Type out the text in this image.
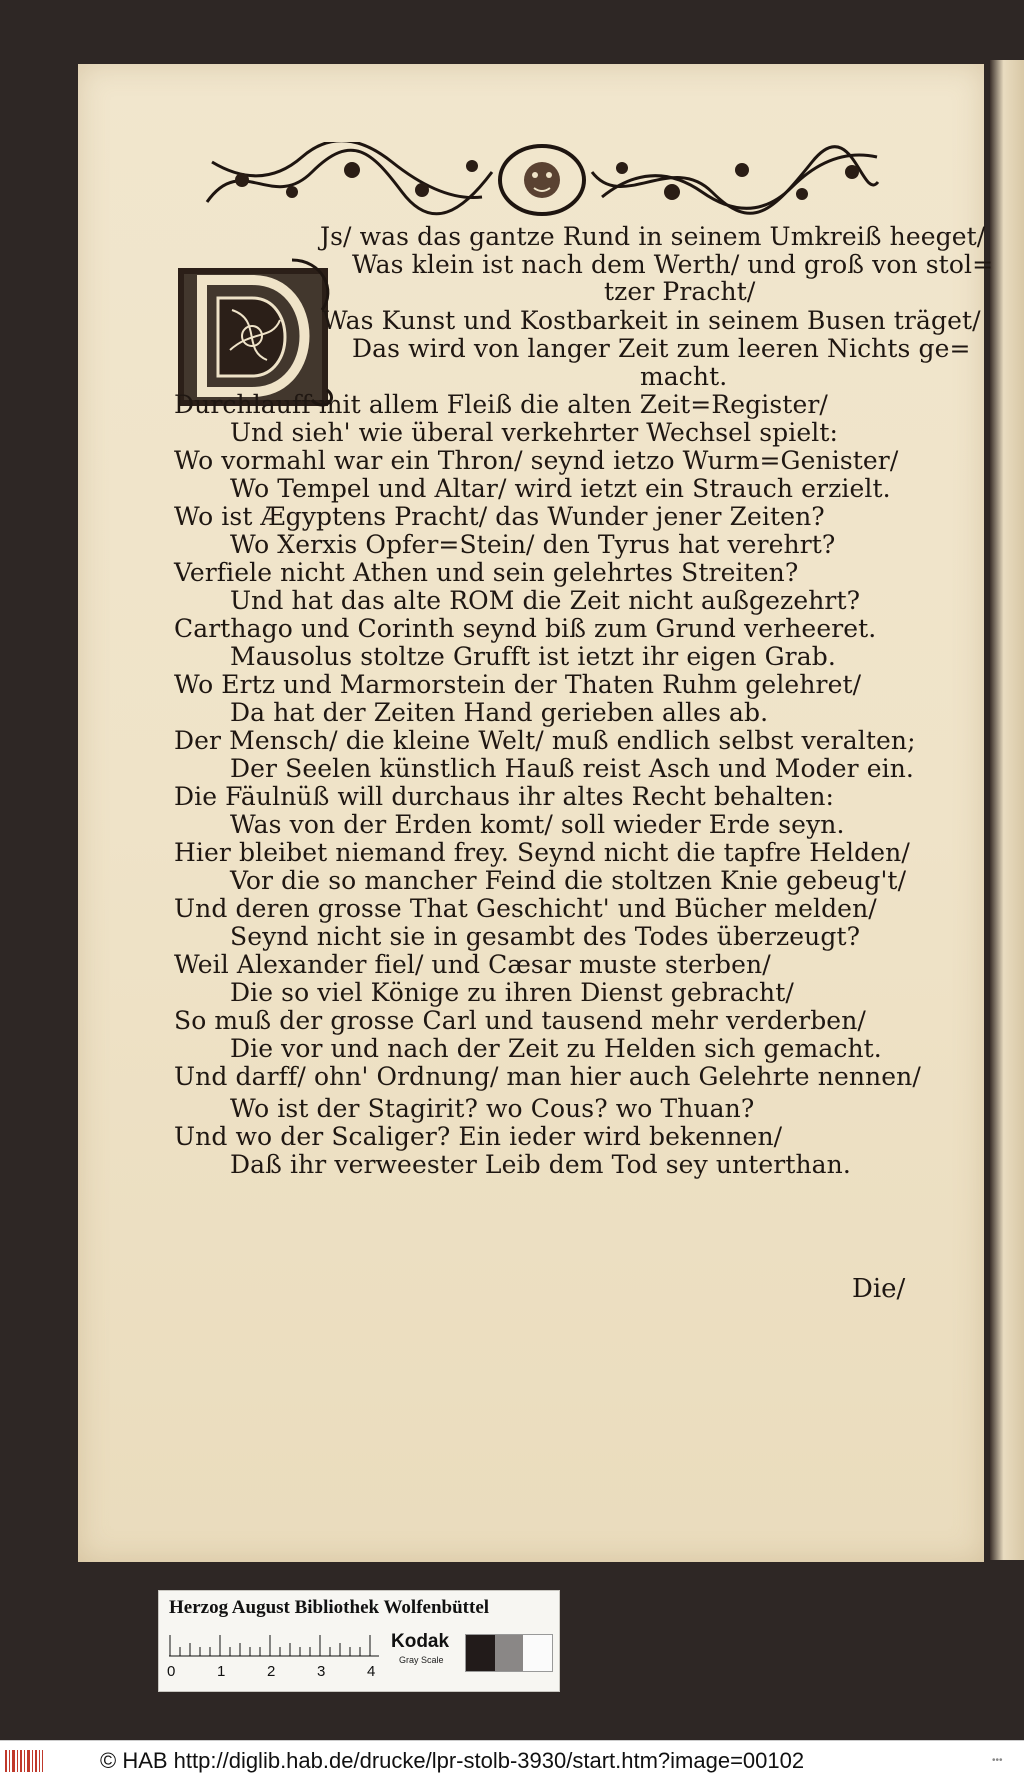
Js/ was das gantze Rund in seinem Umkreiß heeget/

Was klein ist nach dem Werth/ und groß von stol=

tzer Pracht/

Was Kunst und Kostbarkeit in seinem Busen träget/

Das wird von langer Zeit zum leeren Nichts ge=

macht.

Durchlauff mit allem Fleiß die alten Zeit=Register/

Und sieh' wie überal verkehrter Wechsel spielt:

Wo vormahl war ein Thron/ seynd ietzo Wurm=Genister/

Wo Tempel und Altar/ wird ietzt ein Strauch erzielt.

Wo ist Ægyptens Pracht/ das Wunder jener Zeiten?

Wo Xerxis Opfer=Stein/ den Tyrus hat verehrt?

Verfiele nicht Athen und sein gelehrtes Streiten?

Und hat das alte ROM die Zeit nicht außgezehrt?

Carthago und Corinth seynd biß zum Grund verheeret.

Mausolus stoltze Grufft ist ietzt ihr eigen Grab.

Wo Ertz und Marmorstein der Thaten Ruhm gelehret/

Da hat der Zeiten Hand gerieben alles ab.

Der Mensch/ die kleine Welt/ muß endlich selbst veralten;

Der Seelen künstlich Hauß reist Asch und Moder ein.

Die Fäulnüß will durchaus ihr altes Recht behalten:

Was von der Erden komt/ soll wieder Erde seyn.

Hier bleibet niemand frey. Seynd nicht die tapfre Helden/

Vor die so mancher Feind die stoltzen Knie gebeug't/

Und deren grosse That Geschicht' und Bücher melden/

Seynd nicht sie in gesambt des Todes überzeugt?

Weil Alexander fiel/ und Cæsar muste sterben/

Die so viel Könige zu ihren Dienst gebracht/

So muß der grosse Carl und tausend mehr verderben/

Die vor und nach der Zeit zu Helden sich gemacht.

Und darff/ ohn' Ordnung/ man hier auch Gelehrte nennen/

Wo ist der Stagirit? wo Cous? wo Thuan?

Und wo der Scaliger? Ein ieder wird bekennen/

Daß ihr verweester Leib dem Tod sey unterthan.

Die/
Herzog August Bibliothek Wolfenbüttel
0	1	2	3	4
Kodak
Gray Scale
© HAB http://diglib.hab.de/drucke/lpr-stolb-3930/start.htm?image=00102	•••
